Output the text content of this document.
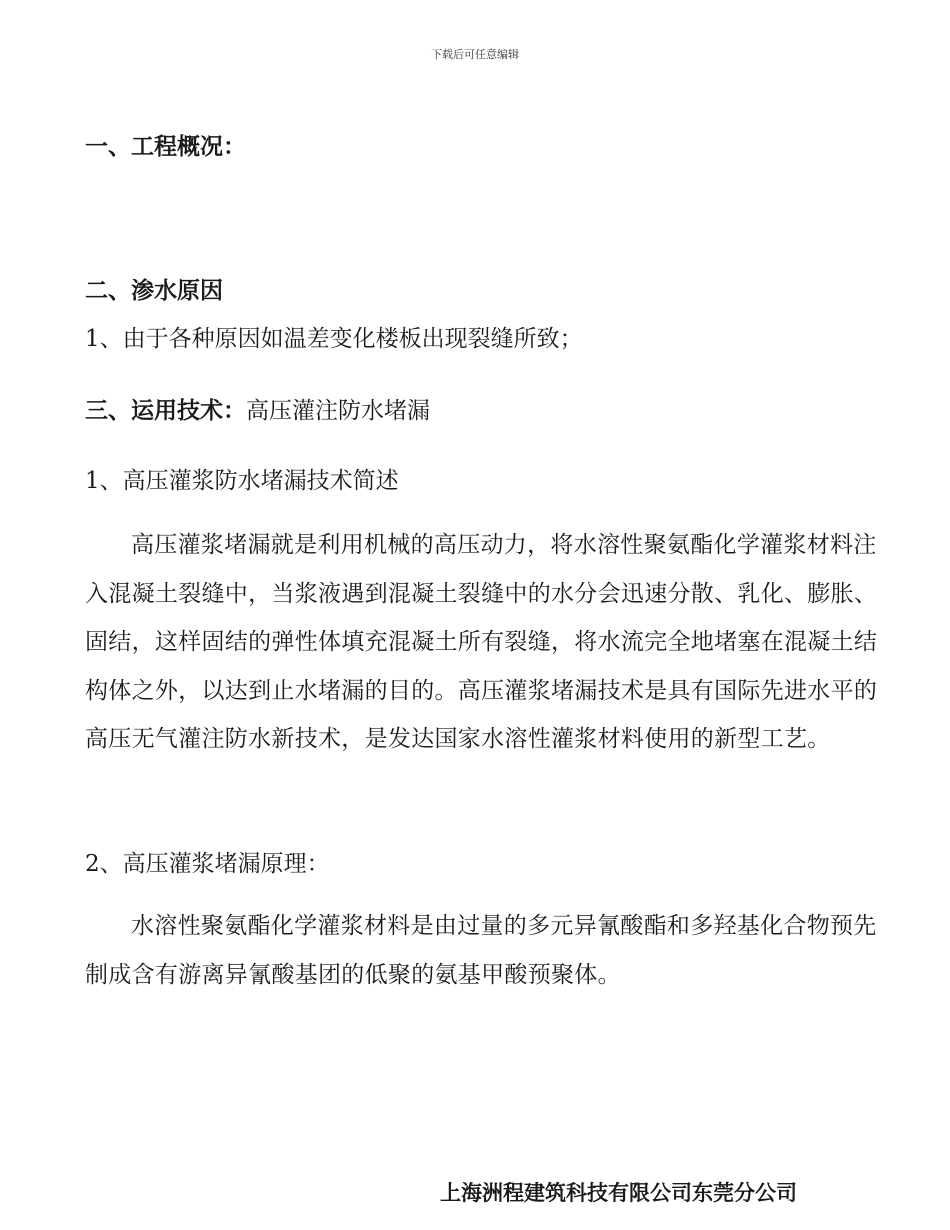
下载后可任意编辑
一、工程概况：
二、渗水原因
1、由于各种原因如温差变化楼板出现裂缝所致；
三、运用技术：高压灌注防水堵漏
1、高压灌浆防水堵漏技术简述
高压灌浆堵漏就是利用机械的高压动力，将水溶性聚氨酯化学灌浆材料注入混凝土裂缝中，当浆液遇到混凝土裂缝中的水分会迅速分散、乳化、膨胀、固结，这样固结的弹性体填充混凝土所有裂缝，将水流完全地堵塞在混凝土结构体之外，以达到止水堵漏的目的。高压灌浆堵漏技术是具有国际先进水平的高压无气灌注防水新技术，是发达国家水溶性灌浆材料使用的新型工艺。
2、高压灌浆堵漏原理：
水溶性聚氨酯化学灌浆材料是由过量的多元异氰酸酯和多羟基化合物预先制成含有游离异氰酸基团的低聚的氨基甲酸预聚体。
上海洲程建筑科技有限公司东莞分公司
